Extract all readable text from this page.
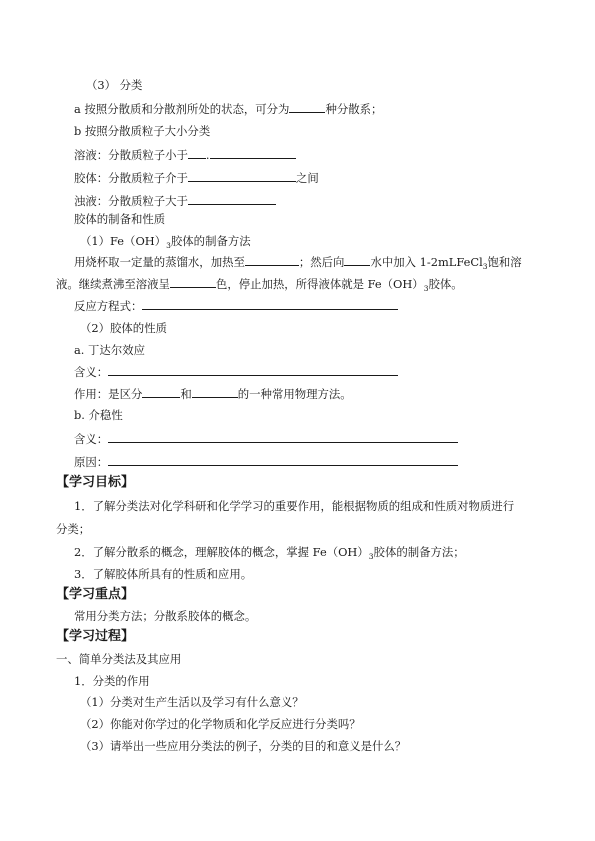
（3） 分类
a 按照分散质和分散剂所处的状态，可分为	种分散系；
b 按照分散质粒子大小分类
溶液：分散质粒子小于 .
胶体：分散质粒子介于	之间
浊液：分散质粒子大于
胶体的制备和性质
$(1)Fe(OH)_3$胶体的制备方法
用烧杯取一定量的蒸馏水，加热至	；然后向 水中加入 1-2mLFeCl$_3$饱和溶
液。继续煮沸至溶液呈	色，停止加热，所得液体就是 $Fe(OH)_3$胶体。
反应方程式：
（2）胶体的性质
a. 丁达尔效应
含义：
作用：是区分	和	的一种常用物理方法。
b. 介稳性
含义：
原因：
【学习目标】
1．了解分类法对化学科研和化学学习的重要作用，能根据物质的组成和性质对物质进行
分类；
2．了解分散系的概念，理解胶体的概念，掌握 $Fe(OH)_3$胶体的制备方法；
3．了解胶体所具有的性质和应用。
【学习重点】
常用分类方法；分散系胶体的概念。
【学习过程】
一、简单分类法及其应用
1．分类的作用
（1）分类对生产生活以及学习有什么意义？
（2）你能对你学过的化学物质和化学反应进行分类吗？
（3）请举出一些应用分类法的例子，分类的目的和意义是什么？
